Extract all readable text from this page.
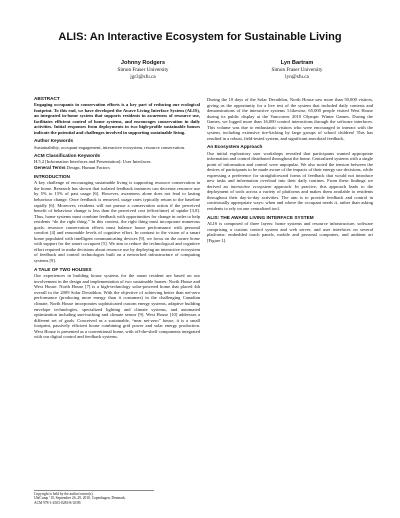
ALIS: An Interactive Ecosystem for Sustainable Living
Johnny Rodgers
Simon Fraser University
jgr3@sfu.ca
Lyn Bartram
Simon Fraser University
lyn@sfu.ca
ABSTRACT

Engaging occupants in conservation efforts is a key part of reducing our ecological footprint. To this end, we have developed the Awave Living Interface System (ALIS), an integrated in-home system that supports residents in awareness of resource use, facilitates efficient control of home systems, and encourages conservation in daily activities. Initial responses from deployments in two high-profile sustainable houses indicate the potential and challenges involved in supporting sustainable living.

Author Keywords

Sustainability, occupant engagement, interactive ecosystem, resource conservation.

ACM Classification Keywords

H.5.2 [Information Interfaces and Presentation]: User Interfaces.

General Terms Design, Human Factors

INTRODUCTION

A key challenge of encouraging sustainable living is supporting resource conservation in the home. Research has shown that isolated feedback instances can decrease resource use by 5% to 15% of past usage [6]. However, awareness alone does not lead to lasting behaviour change. Once feedback is removed, usage rates typically return to the baseline rapidly [6]. Moreover, residents will not pursue a conservation action if the perceived benefit of behaviour change is less than the perceived cost (effort/time) of uptake [3,8]. Thus, home systems must combine feedback with opportunities for change in order to help residents “do the right thing.” In this context, the right thing must incorporate numerous goals: resource conservation efforts must balance house performance with personal comfort [4] and reasonable levels of cognitive effort. In contrast to the vision of a smart home populated with intelligent communicating devices [9], we focus on the aware home with support for the smart occupant [5]. We aim to reduce the technological and cognitive effort required to make decisions about resource use by deploying an interactive ecosystem of feedback and control technologies built on a networked infrastructure of computing systems [9].

A TALE OF TWO HOUSES

Our experiences in building house systems for the smart resident are based on our involvement in the design and implementation of two sustainable homes: North House and West House. North House [7] is a high-technology solar-powered home that placed 4th overall in the 2009 Solar Decathlon. With the objective of achieving better than net-zero performance (producing more energy than it consumes) in the challenging Canadian climate, North House incorporates sophisticated custom energy systems, adaptive building envelope technologies, specialized lighting and climate systems, and automated optimization including sun-tracking and climate sensor [9]. West House [10] addresses a different set of goals. Conceived as a sustainable, “near net-zero” house, it is a small footprint, passively efficient house combining grid power and solar energy production. West House is presented as a conventional home, with off-the-shelf components integrated with our digital control and feedback systems.

During the 10 days of the Solar Decathlon, North House saw more than 50,000 visitors, giving us the opportunity for a live test of the system that included daily contests and demonstrations of the interactive systems 1.likewise, 65,000 people visited West House during its public display at the Vancouver 2010 Olympic Winter Games. During the Games, we logged more than 16,000 control interactions through the software interfaces. This volume was due to enthusiastic visitors who were encouraged to interact with the system, including extensive tire-kicking by large groups of school children! This has resulted in a robust, field-tested system, and significant anecdotal feedback.

An Ecosystem Approach

Our initial exploratory user workshops revealed that participants wanted appropriate information and control distributed throughout the home. Centralized systems with a single point of information and control were unpopular. We also noted the tension between the desires of participants to be made aware of the impacts of their energy use decisions, while expressing a preference for straightforward forms of feedback that would not introduce new tasks and information overload into their daily routines. From these findings we derived an interactive ecosystem approach. In practice, this approach leads to the deployment of tools across a variety of platforms and makes them available to residents throughout their day-to-day activities. The aim is to provide feedback and control in contextually appropriate ways: when and where the occupant needs it, rather than asking residents to rely on one centralized tool.

ALIS: THE AWARE LIVING INTERFACE SYSTEM

ALIS is composed of three layers: home systems and resource infrastructure, software comprising a custom control system and web server, and user interfaces on several platforms: embedded touch panels, mobile and personal computers, and ambient art [Figure 1].

Copyright is held by the author/owner(s).
UbiComp ’10, September 26–29, 2010, Copenhagen, Denmark.
ACM 978-1-4503-0283-8/10/09.
